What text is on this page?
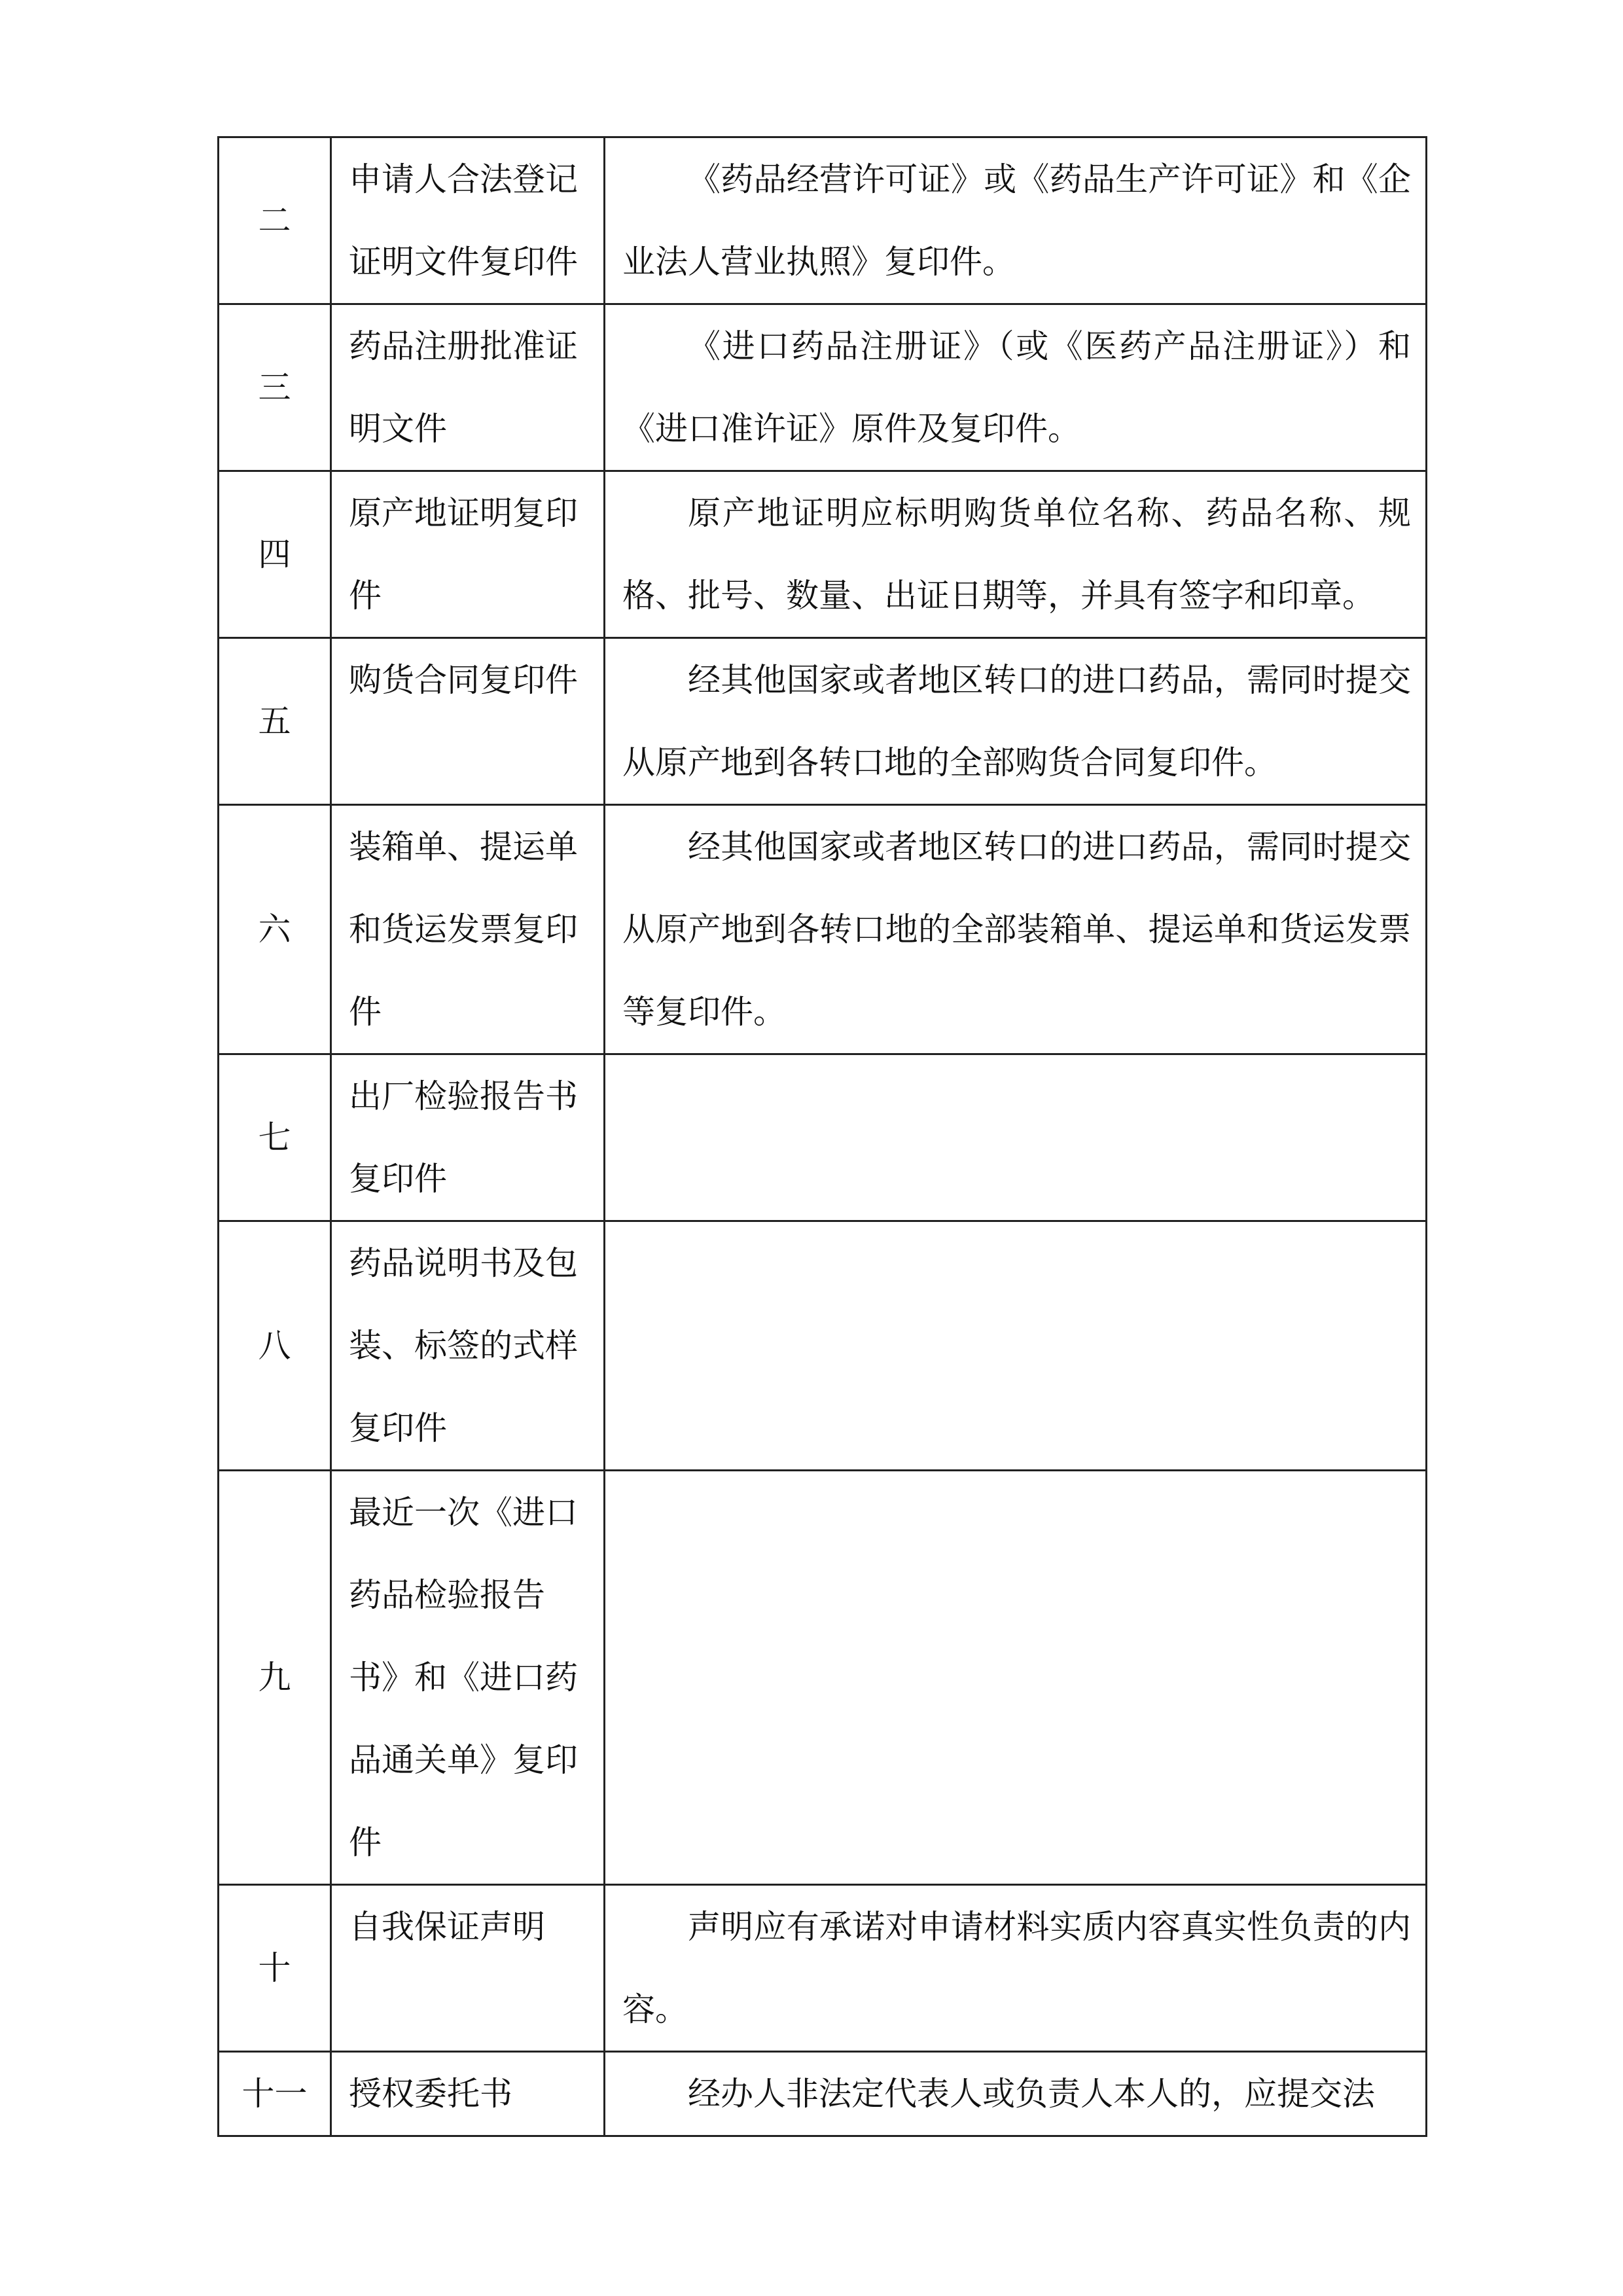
二	申请人合法登记证明文件复印件	《药品经营许可证》或《药品生产许可证》和《企业法人营业执照》复印件。
三	药品注册批准证明文件	《进口药品注册证》（或《医药产品注册证》）和《进口准许证》原件及复印件。
四	原产地证明复印件	原产地证明应标明购货单位名称、药品名称、规格、批号、数量、出证日期等，并具有签字和印章。
五	购货合同复印件	经其他国家或者地区转口的进口药品，需同时提交从原产地到各转口地的全部购货合同复印件。
六	装箱单、提运单和货运发票复印件	经其他国家或者地区转口的进口药品，需同时提交从原产地到各转口地的全部装箱单、提运单和货运发票等复印件。
七	出厂检验报告书复印件	
八	药品说明书及包装、标签的式样复印件	
九	最近一次《进口药品检验报告书》和《进口药品通关单》复印件	
十	自我保证声明	声明应有承诺对申请材料实质内容真实性负责的内容。
十一	授权委托书	经办人非法定代表人或负责人本人的，应提交法
